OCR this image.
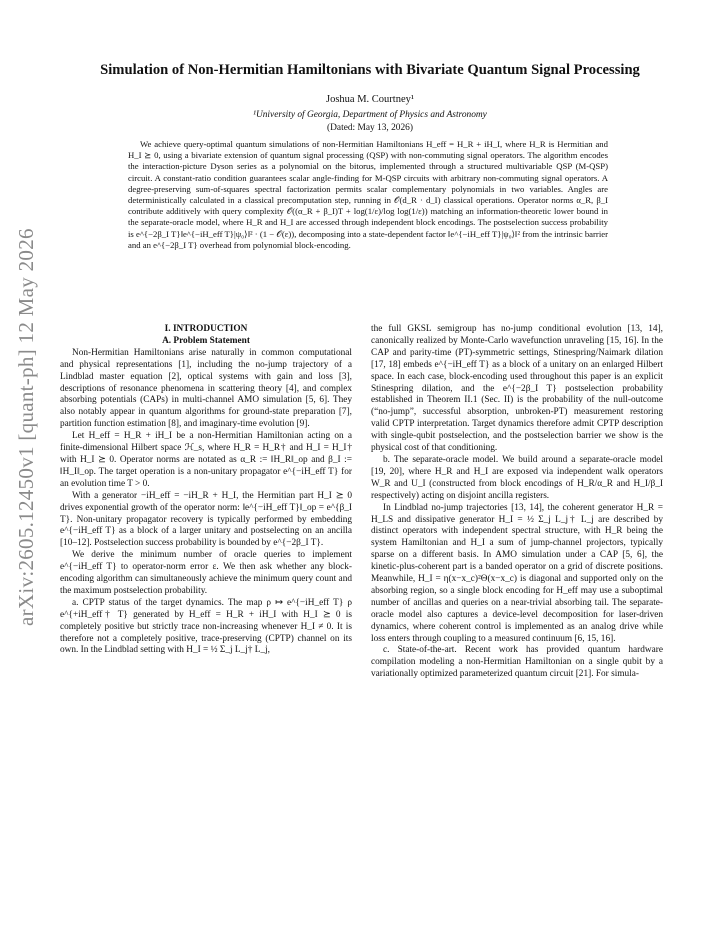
arXiv:2605.12450v1 [quant-ph] 12 May 2026
Simulation of Non-Hermitian Hamiltonians with Bivariate Quantum Signal Processing
Joshua M. Courtney¹
¹University of Georgia, Department of Physics and Astronomy
(Dated: May 13, 2026)
We achieve query-optimal quantum simulations of non-Hermitian Hamiltonians H_eff = H_R + iH_I, where H_R is Hermitian and H_I ⪰ 0, using a bivariate extension of quantum signal processing (QSP) with non-commuting signal operators. The algorithm encodes the interaction-picture Dyson series as a polynomial on the bitorus, implemented through a structured multivariable QSP (M-QSP) circuit. A constant-ratio condition guarantees scalar angle-finding for M-QSP circuits with arbitrary non-commuting signal operators. A degree-preserving sum-of-squares spectral factorization permits scalar complementary polynomials in two variables. Angles are deterministically calculated in a classical precomputation step, running in 𝒪(d_R · d_I) classical operations. Operator norms α_R, β_I contribute additively with query complexity 𝒪((α_R + β_I)T + log(1/ε)/log log(1/ε)) matching an information-theoretic lower bound in the separate-oracle model, where H_R and H_I are accessed through independent block encodings. The postselection success probability is e^{−2β_I T}‖e^{−iH_eff T}|ψ₀⟩‖² · (1 − 𝒪(ε)), decomposing into a state-dependent factor ‖e^{−iH_eff T}|ψ₀⟩‖² from the intrinsic barrier and an e^{−2β_I T} overhead from polynomial block-encoding.

I. INTRODUCTION

A. Problem Statement

Non-Hermitian Hamiltonians arise naturally in common computational and physical representations [1], including the no-jump trajectory of a Lindblad master equation [2], optical systems with gain and loss [3], descriptions of resonance phenomena in scattering theory [4], and complex absorbing potentials (CAPs) in multi-channel AMO simulation [5, 6]. They also notably appear in quantum algorithms for ground-state preparation [7], partition function estimation [8], and imaginary-time evolution [9].

Let H_eff = H_R + iH_I be a non-Hermitian Hamiltonian acting on a finite-dimensional Hilbert space ℋ_s, where H_R = H_R† and H_I = H_I† with H_I ⪰ 0. Operator norms are notated as α_R := ‖H_R‖_op and β_I := ‖H_I‖_op. The target operation is a non-unitary propagator e^{−iH_eff T} for an evolution time T > 0.

With a generator −iH_eff = −iH_R + H_I, the Hermitian part H_I ⪰ 0 drives exponential growth of the operator norm: ‖e^{−iH_eff T}‖_op = e^{β_I T}. Non-unitary propagator recovery is typically performed by embedding e^{−iH_eff T} as a block of a larger unitary and postselecting on an ancilla [10–12]. Postselection success probability is bounded by e^{−2β_I T}.

We derive the minimum number of oracle queries to implement e^{−iH_eff T} to operator-norm error ε. We then ask whether any block-encoding algorithm can simultaneously achieve the minimum query count and the maximum postselection probability.

a. CPTP status of the target dynamics. The map ρ ↦ e^{−iH_eff T} ρ e^{+iH_eff† T} generated by H_eff = H_R + iH_I with H_I ⪰ 0 is completely positive but strictly trace non-increasing whenever H_I ≠ 0. It is therefore not a completely positive, trace-preserving (CPTP) channel on its own. In the Lindblad setting with H_I = ½ Σ_j L_j† L_j,

the full GKSL semigroup has no-jump conditional evolution [13, 14], canonically realized by Monte-Carlo wavefunction unraveling [15, 16]. In the CAP and parity-time (PT)-symmetric settings, Stinespring/Naimark dilation [17, 18] embeds e^{−iH_eff T} as a block of a unitary on an enlarged Hilbert space. In each case, block-encoding used throughout this paper is an explicit Stinespring dilation, and the e^{−2β_I T} postselection probability established in Theorem II.1 (Sec. II) is the probability of the null-outcome (“no-jump”, successful absorption, unbroken-PT) measurement restoring valid CPTP interpretation. Target dynamics therefore admit CPTP description with single-qubit postselection, and the postselection barrier we show is the physical cost of that conditioning.

b. The separate-oracle model. We build around a separate-oracle model [19, 20], where H_R and H_I are exposed via independent walk operators W_R and U_I (constructed from block encodings of H_R/α_R and H_I/β_I respectively) acting on disjoint ancilla registers.

In Lindblad no-jump trajectories [13, 14], the coherent generator H_R = H_LS and dissipative generator H_I = ½ Σ_j L_j† L_j are described by distinct operators with independent spectral structure, with H_R being the system Hamiltonian and H_I a sum of jump-channel projectors, typically sparse on a different basis. In AMO simulation under a CAP [5, 6], the kinetic-plus-coherent part is a banded operator on a grid of discrete positions. Meanwhile, H_I = η(x−x_c)²Θ(x−x_c) is diagonal and supported only on the absorbing region, so a single block encoding for H_eff may use a suboptimal number of ancillas and queries on a near-trivial absorbing tail. The separate-oracle model also captures a device-level decomposition for laser-driven dynamics, where coherent control is implemented as an analog drive while loss enters through coupling to a measured continuum [6, 15, 16].

c. State-of-the-art. Recent work has provided quantum hardware compilation modeling a non-Hermitian Hamiltonian on a single qubit by a variationally optimized parameterized quantum circuit [21]. For simula-
